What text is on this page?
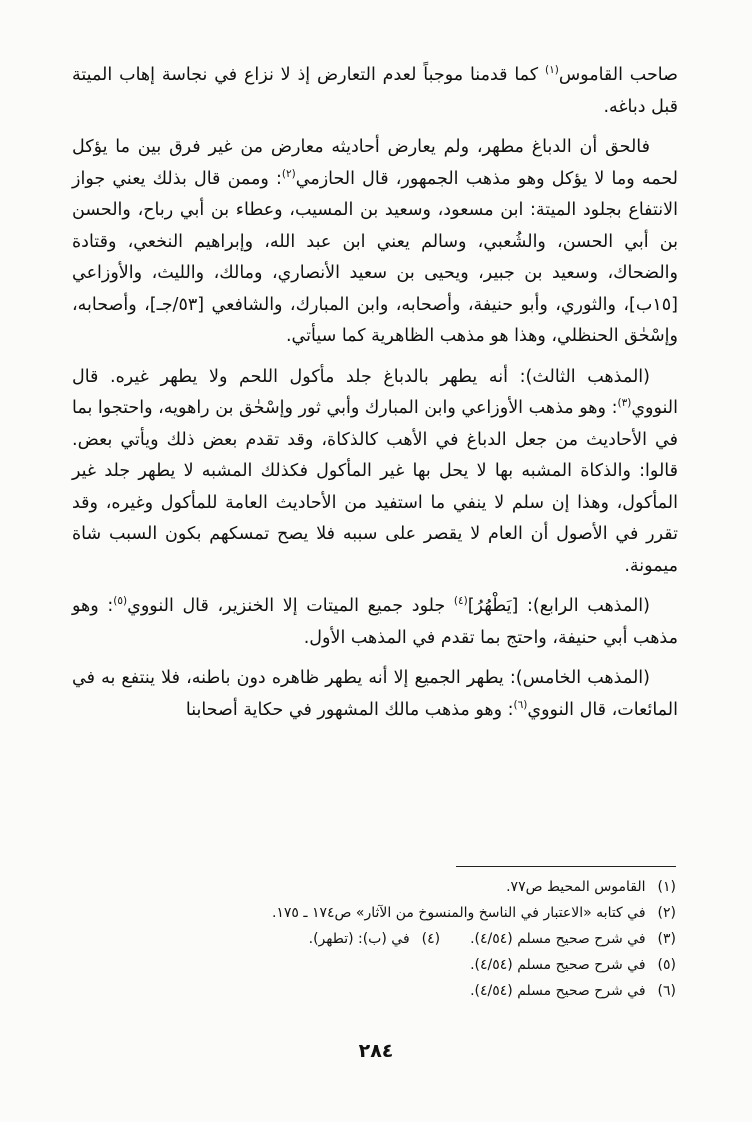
صاحب القاموس$^{(١)}$ كما قدمنا موجباً لعدم التعارض إذ لا نزاع في نجاسة إهاب الميتة قبل دباغه.

فالحق أن الدباغ مطهر، ولم يعارض أحاديثه معارض من غير فرق بين ما يؤكل لحمه وما لا يؤكل وهو مذهب الجمهور، قال الحازمي$^{(٢)}$: وممن قال بذلك يعني جواز الانتفاع بجلود الميتة: ابن مسعود، وسعيد بن المسيب، وعطاء بن أبي رباح، والحسن بن أبي الحسن، والشُعبي، وسالم يعني ابن عبد الله، وإبراهيم النخعي، وقتادة والضحاك، وسعيد بن جبير، ويحيى بن سعيد الأنصاري، ومالك، والليث، والأوزاعي [١٥ب]، والثوري، وأبو حنيفة، وأصحابه، وابن المبارك، والشافعي [٥٣/جـ]، وأصحابه، وإسْحٰق الحنظلي، وهذا هو مذهب الظاهرية كما سيأتي.

(المذهب الثالث): أنه يطهر بالدباغ جلد مأكول اللحم ولا يطهر غيره. قال النووي$^{(٣)}$: وهو مذهب الأوزاعي وابن المبارك وأبي ثور وإسْحٰق بن راهويه، واحتجوا بما في الأحاديث من جعل الدباغ في الأهب كالذكاة، وقد تقدم بعض ذلك ويأتي بعض. قالوا: والذكاة المشبه بها لا يحل بها غير المأكول فكذلك المشبه لا يطهر جلد غير المأكول، وهذا إن سلم لا ينفي ما استفيد من الأحاديث العامة للمأكول وغيره، وقد تقرر في الأصول أن العام لا يقصر على سببه فلا يصح تمسكهم بكون السبب شاة ميمونة.

(المذهب الرابع): [يَطْهُرُ]$^{(٤)}$ جلود جميع الميتات إلا الخنزير، قال النووي$^{(٥)}$: وهو مذهب أبي حنيفة، واحتج بما تقدم في المذهب الأول.

(المذهب الخامس): يطهر الجميع إلا أنه يطهر ظاهره دون باطنه، فلا ينتفع به في المائعات، قال النووي$^{(٦)}$: وهو مذهب مالك المشهور في حكاية أصحابنا

(١) القاموس المحيط ص٧٧.

(٢) في كتابه «الاعتبار في الناسخ والمنسوخ من الآثار» ص١٧٤ ـ ١٧٥.

(٣) في شرح صحيح مسلم (٤/٥٤).(٤) في (ب): (تطهر).

(٥) في شرح صحيح مسلم (٤/٥٤).

(٦) في شرح صحيح مسلم (٤/٥٤).

٢٨٤
